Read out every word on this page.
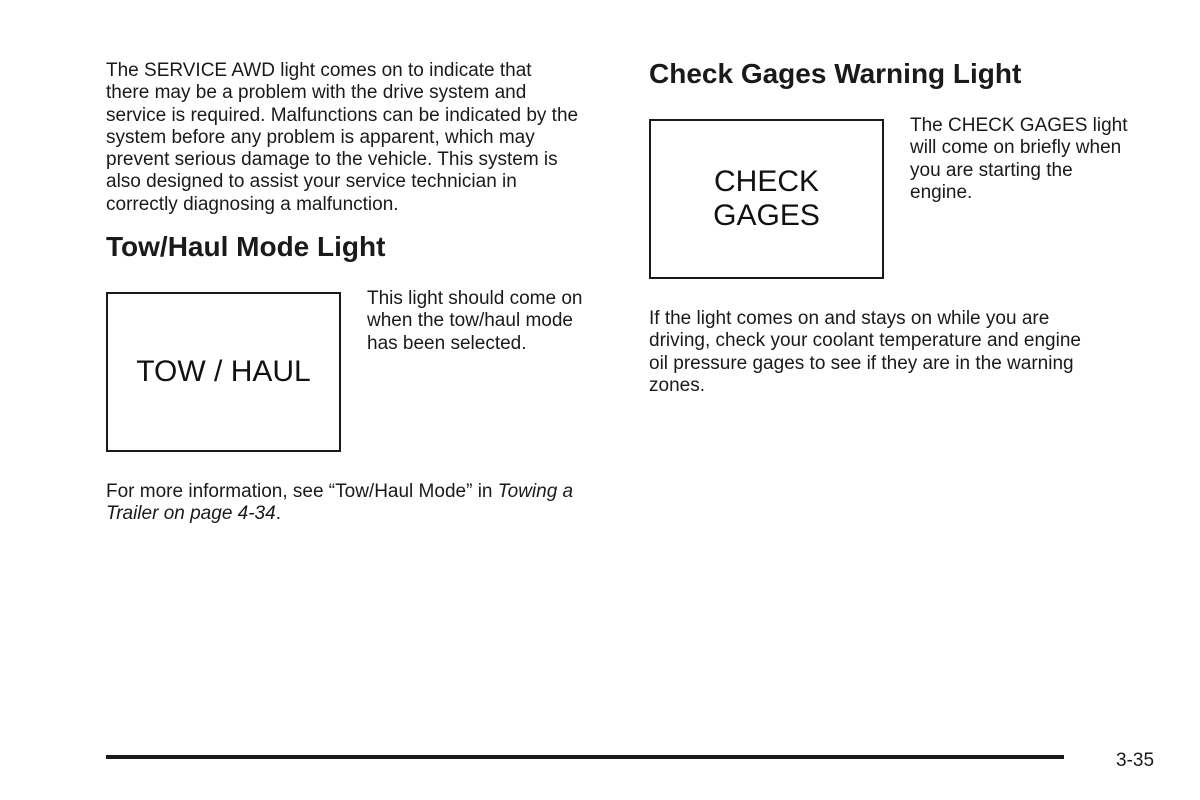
The SERVICE AWD light comes on to indicate that
there may be a problem with the drive system and
service is required. Malfunctions can be indicated by the
system before any problem is apparent, which may
prevent serious damage to the vehicle. This system is
also designed to assist your service technician in
correctly diagnosing a malfunction.
Tow/Haul Mode Light
TOW / HAUL
This light should come on
when the tow/haul mode
has been selected.
For more information, see “Tow/Haul Mode” in Towing a
Trailer on page 4-34.
Check Gages Warning Light
CHECK
GAGES
The CHECK GAGES light
will come on briefly when
you are starting the
engine.
If the light comes on and stays on while you are
driving, check your coolant temperature and engine
oil pressure gages to see if they are in the warning
zones.
3-35
